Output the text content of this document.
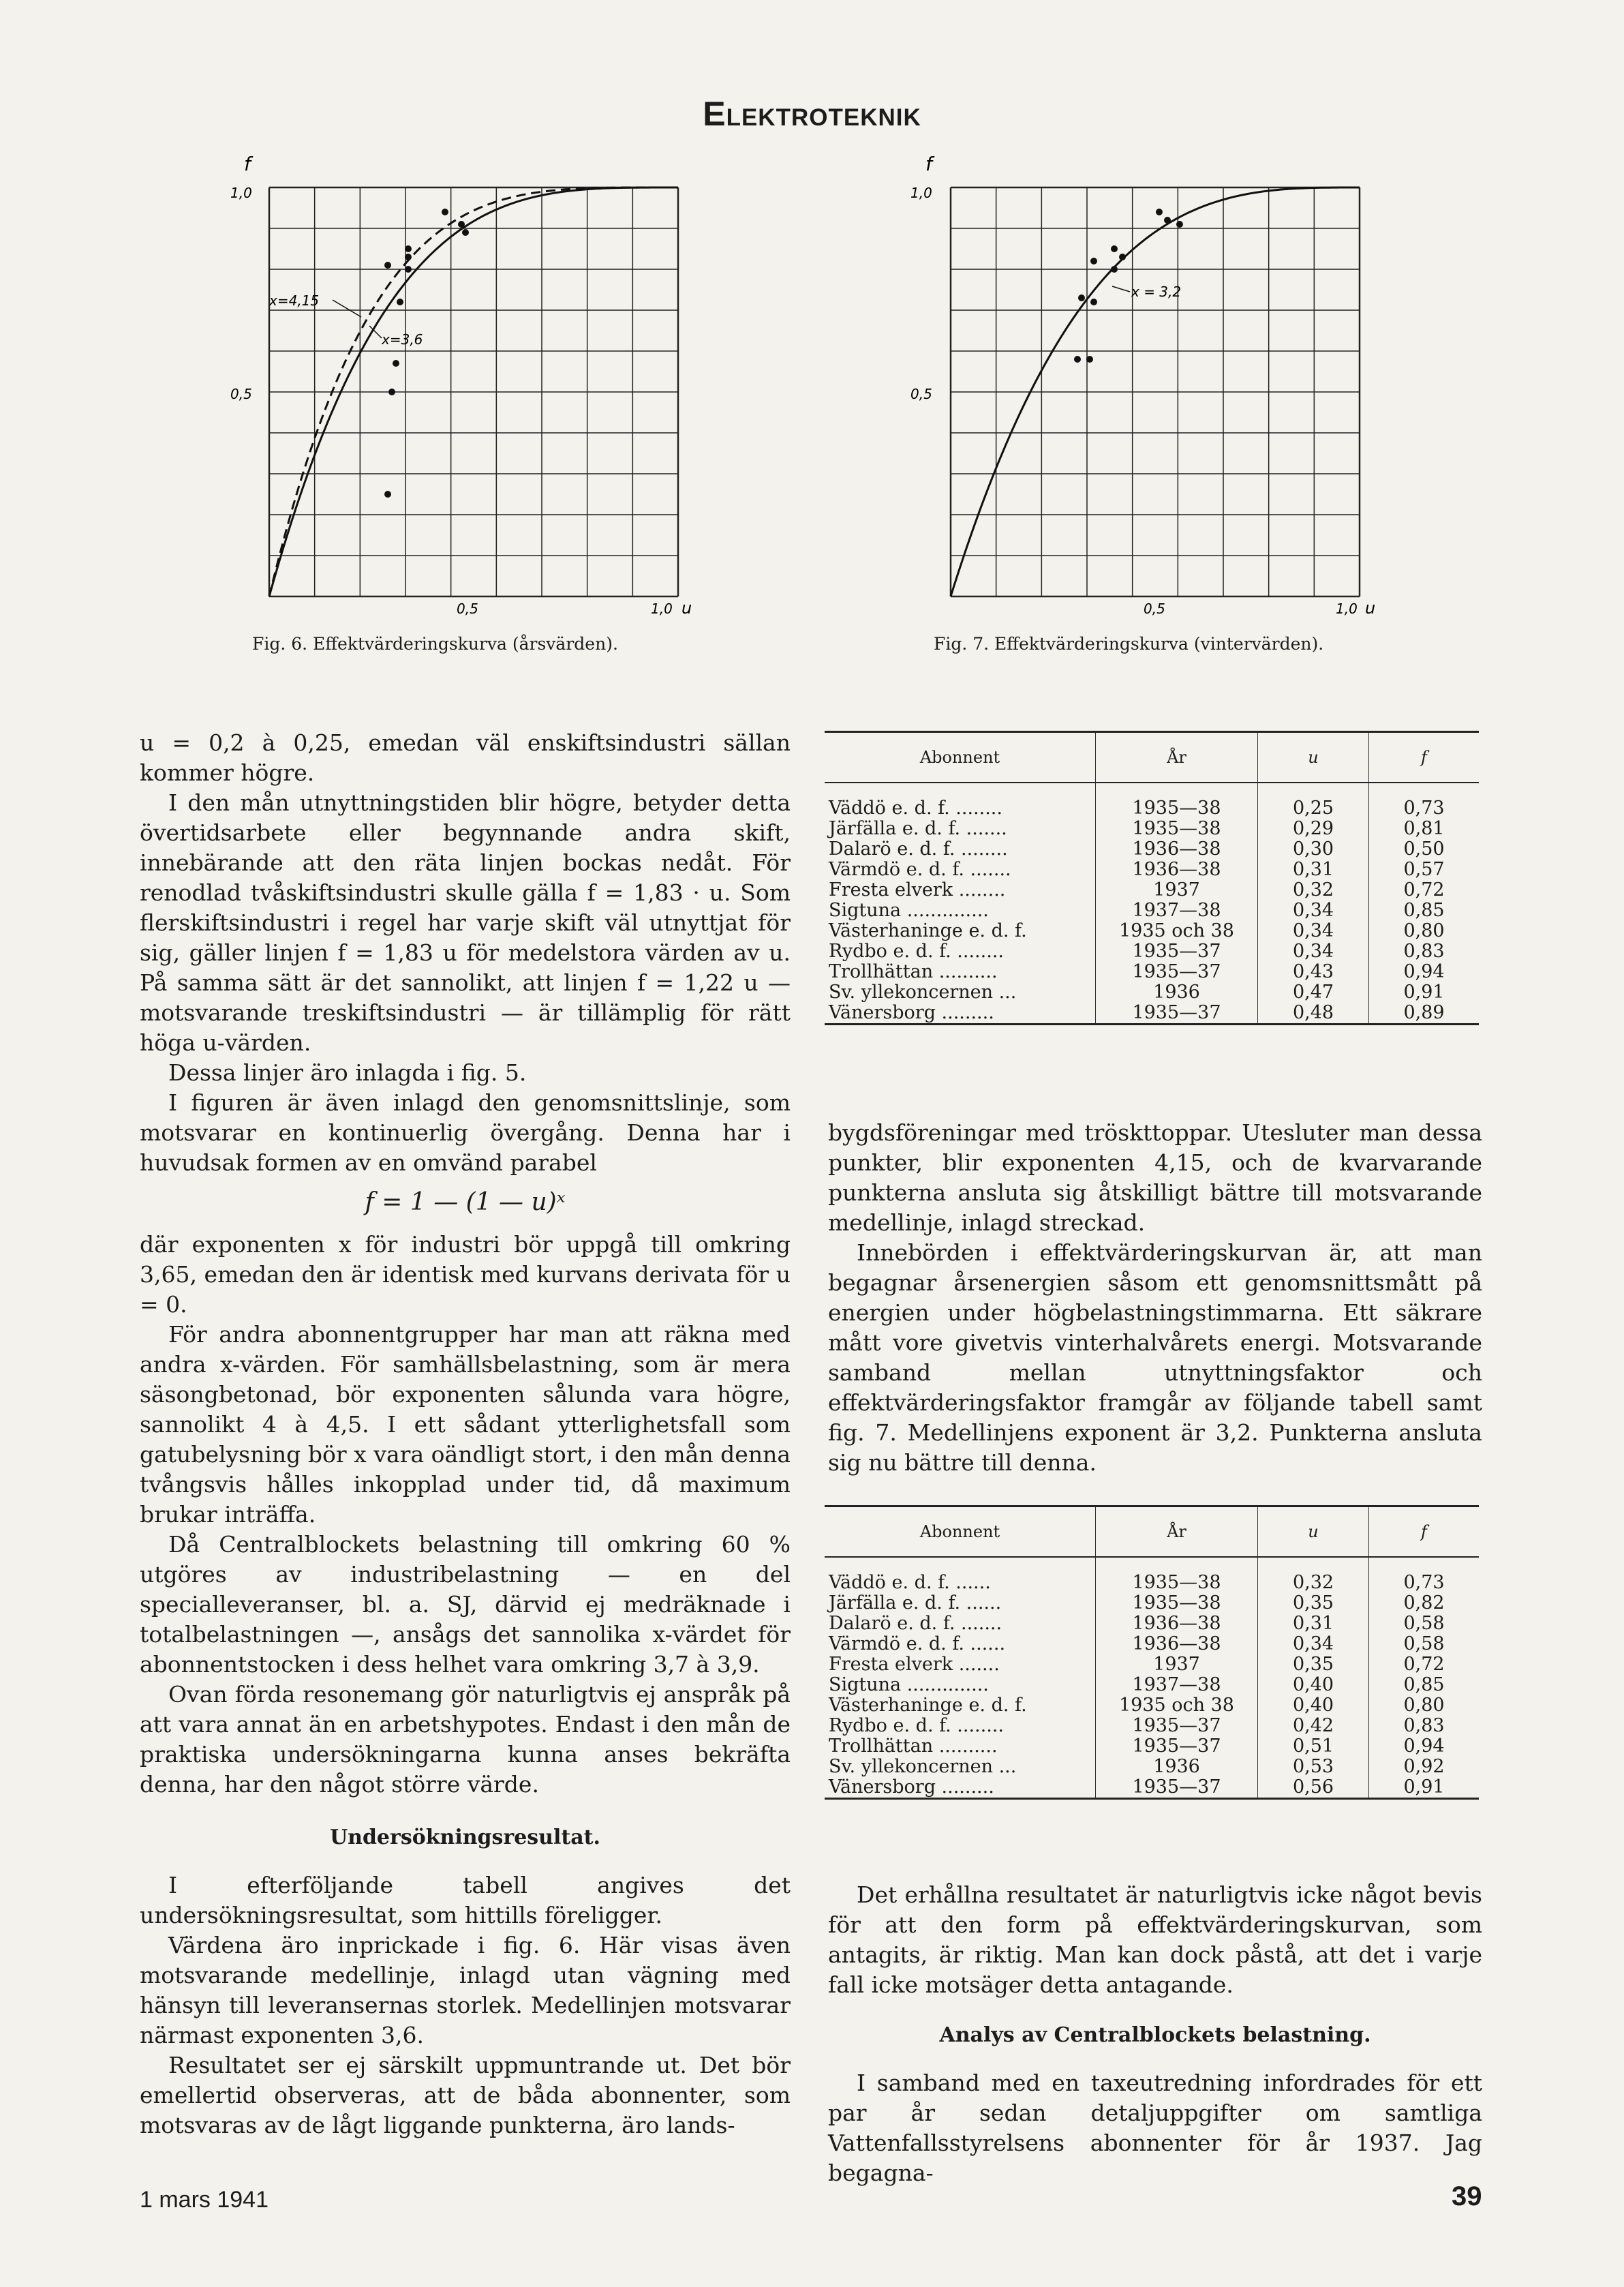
Elektroteknik
f
1,0
0,5
0,5	1,0 u
x=4,15
x=3,6
Fig. 6. Effektvärderingskurva (årsvärden).
f
1,0
0,5
0,5	1,0 u
x = 3,2
Fig. 7. Effektvärderingskurva (vintervärden).
Abonnent	År	u	f

Väddö e. d. f. ........	1935—38	0,25	0,73
Järfälla e. d. f. .......	1935—38	0,29	0,81
Dalarö e. d. f. ........	1936—38	0,30	0,50
Värmdö e. d. f. .......	1936—38	0,31	0,57
Fresta elverk ........	1937	0,32	0,72
Sigtuna ..............	1937—38	0,34	0,85
Västerhaninge e. d. f.	1935 och 38	0,34	0,80
Rydbo e. d. f. ........	1935—37	0,34	0,83
Trollhättan ..........	1935—37	0,43	0,94
Sv. yllekoncernen ...	1936	0,47	0,91
Vänersborg .........	1935—37	0,48	0,89
Abonnent	År	u	f

Väddö e. d. f. ......	1935—38	0,32	0,73
Järfälla e. d. f. ......	1935—38	0,35	0,82
Dalarö e. d. f. .......	1936—38	0,31	0,58
Värmdö e. d. f. ......	1936—38	0,34	0,58
Fresta elverk .......	1937	0,35	0,72
Sigtuna ..............	1937—38	0,40	0,85
Västerhaninge e. d. f.	1935 och 38	0,40	0,80
Rydbo e. d. f. ........	1935—37	0,42	0,83
Trollhättan ..........	1935—37	0,51	0,94
Sv. yllekoncernen ...	1936	0,53	0,92
Vänersborg .........	1935—37	0,56	0,91

u = 0,2 à 0,25, emedan väl enskiftsindustri sällan kommer högre.

I den mån utnyttningstiden blir högre, betyder detta övertidsarbete eller begynnande andra skift, innebärande att den räta linjen bockas nedåt. För renodlad tvåskiftsindustri skulle gälla f = 1,83 · u. Som flerskiftsindustri i regel har varje skift väl utnyttjat för sig, gäller linjen f = 1,83 u för medelstora värden av u. På samma sätt är det sannolikt, att linjen f = 1,22 u — motsvarande treskiftsindustri — är tillämplig för rätt höga u-värden.

Dessa linjer äro inlagda i fig. 5.

I figuren är även inlagd den genomsnittslinje, som motsvarar en kontinuerlig övergång. Denna har i huvudsak formen av en omvänd parabel

f = 1 — (1 — u)ˣ

där exponenten x för industri bör uppgå till omkring 3,65, emedan den är identisk med kurvans derivata för u = 0.

För andra abonnentgrupper har man att räkna med andra x-värden. För samhällsbelastning, som är mera säsongbetonad, bör exponenten sålunda vara högre, sannolikt 4 à 4,5. I ett sådant ytterlighetsfall som gatubelysning bör x vara oändligt stort, i den mån denna tvångsvis hålles inkopplad under tid, då maximum brukar inträffa.

Då Centralblockets belastning till omkring 60 % utgöres av industribelastning — en del specialleveranser, bl. a. SJ, därvid ej medräknade i totalbelastningen —, ansågs det sannolika x-värdet för abonnentstocken i dess helhet vara omkring 3,7 à 3,9.

Ovan förda resonemang gör naturligtvis ej anspråk på att vara annat än en arbetshypotes. Endast i den mån de praktiska undersökningarna kunna anses bekräfta denna, har den något större värde.

Undersökningsresultat.

I efterföljande tabell angives det undersökningsresultat, som hittills föreligger.

Värdena äro inprickade i fig. 6. Här visas även motsvarande medellinje, inlagd utan vägning med hänsyn till leveransernas storlek. Medellinjen motsvarar närmast exponenten 3,6.

Resultatet ser ej särskilt uppmuntrande ut. Det bör emellertid observeras, att de båda abonnenter, som motsvaras av de lågt liggande punkterna, äro lands-

bygdsföreningar med tröskttoppar. Utesluter man dessa punkter, blir exponenten 4,15, och de kvarvarande punkterna ansluta sig åtskilligt bättre till motsvarande medellinje, inlagd streckad.

Innebörden i effektvärderingskurvan är, att man begagnar årsenergien såsom ett genomsnittsmått på energien under högbelastningstimmarna. Ett säkrare mått vore givetvis vinterhalvårets energi. Motsvarande samband mellan utnyttningsfaktor och effektvärderingsfaktor framgår av följande tabell samt fig. 7. Medellinjens exponent är 3,2. Punkterna ansluta sig nu bättre till denna.

Det erhållna resultatet är naturligtvis icke något bevis för att den form på effektvärderingskurvan, som antagits, är riktig. Man kan dock påstå, att det i varje fall icke motsäger detta antagande.

Analys av Centralblockets belastning.

I samband med en taxeutredning infordrades för ett par år sedan detaljuppgifter om samtliga Vattenfallsstyrelsens abonnenter för år 1937. Jag begagna-

1 mars 1941	39
